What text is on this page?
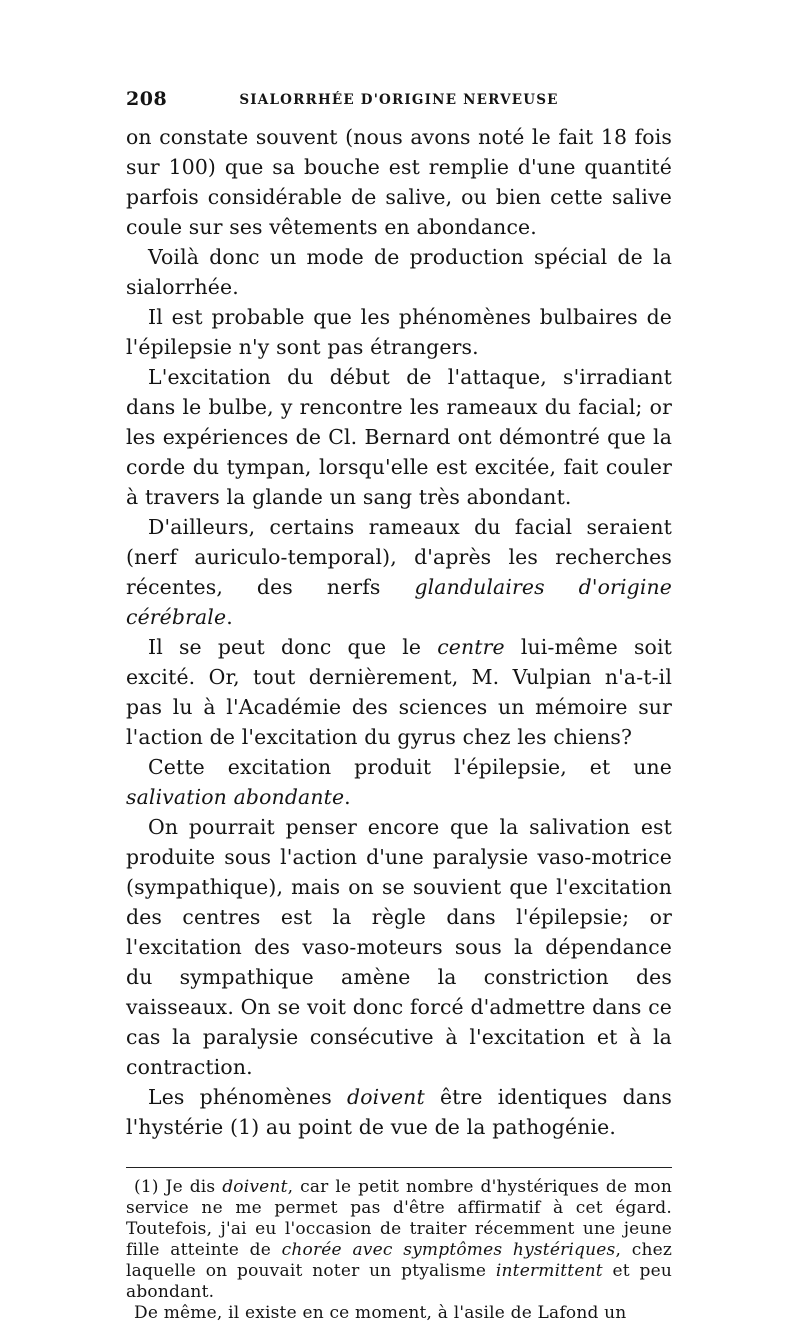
208	SIALORRHÉE D'ORIGINE NERVEUSE

on constate souvent (nous avons noté le fait 18 fois sur 100) que sa bouche est remplie d'une quantité parfois considérable de salive, ou bien cette salive coule sur ses vêtements en abondance.

Voilà donc un mode de production spécial de la sialorrhée.

Il est probable que les phénomènes bulbaires de l'épilepsie n'y sont pas étrangers.

L'excitation du début de l'attaque, s'irradiant dans le bulbe, y rencontre les rameaux du facial; or les expériences de Cl. Bernard ont démontré que la corde du tympan, lorsqu'elle est excitée, fait couler à travers la glande un sang très abondant.

D'ailleurs, certains rameaux du facial seraient (nerf auriculo-temporal), d'après les recherches récentes, des nerfs glandulaires d'origine cérébrale.

Il se peut donc que le centre lui-même soit excité. Or, tout dernièrement, M. Vulpian n'a-t-il pas lu à l'Académie des sciences un mémoire sur l'action de l'excitation du gyrus chez les chiens?

Cette excitation produit l'épilepsie, et une salivation abondante.

On pourrait penser encore que la salivation est produite sous l'action d'une paralysie vaso-motrice (sympathique), mais on se souvient que l'excitation des centres est la règle dans l'épilepsie; or l'excitation des vaso-moteurs sous la dépendance du sympathique amène la constriction des vaisseaux. On se voit donc forcé d'admettre dans ce cas la paralysie consécutive à l'excitation et à la contraction.

Les phénomènes doivent être identiques dans l'hystérie (1) au point de vue de la pathogénie.

(1) Je dis doivent, car le petit nombre d'hystériques de mon service ne me permet pas d'être affirmatif à cet égard. Toutefois, j'ai eu l'occasion de traiter récemment une jeune fille atteinte de chorée avec symptômes hystériques, chez laquelle on pouvait noter un ptyalisme intermittent et peu abondant.

De même, il existe en ce moment, à l'asile de Lafond un
